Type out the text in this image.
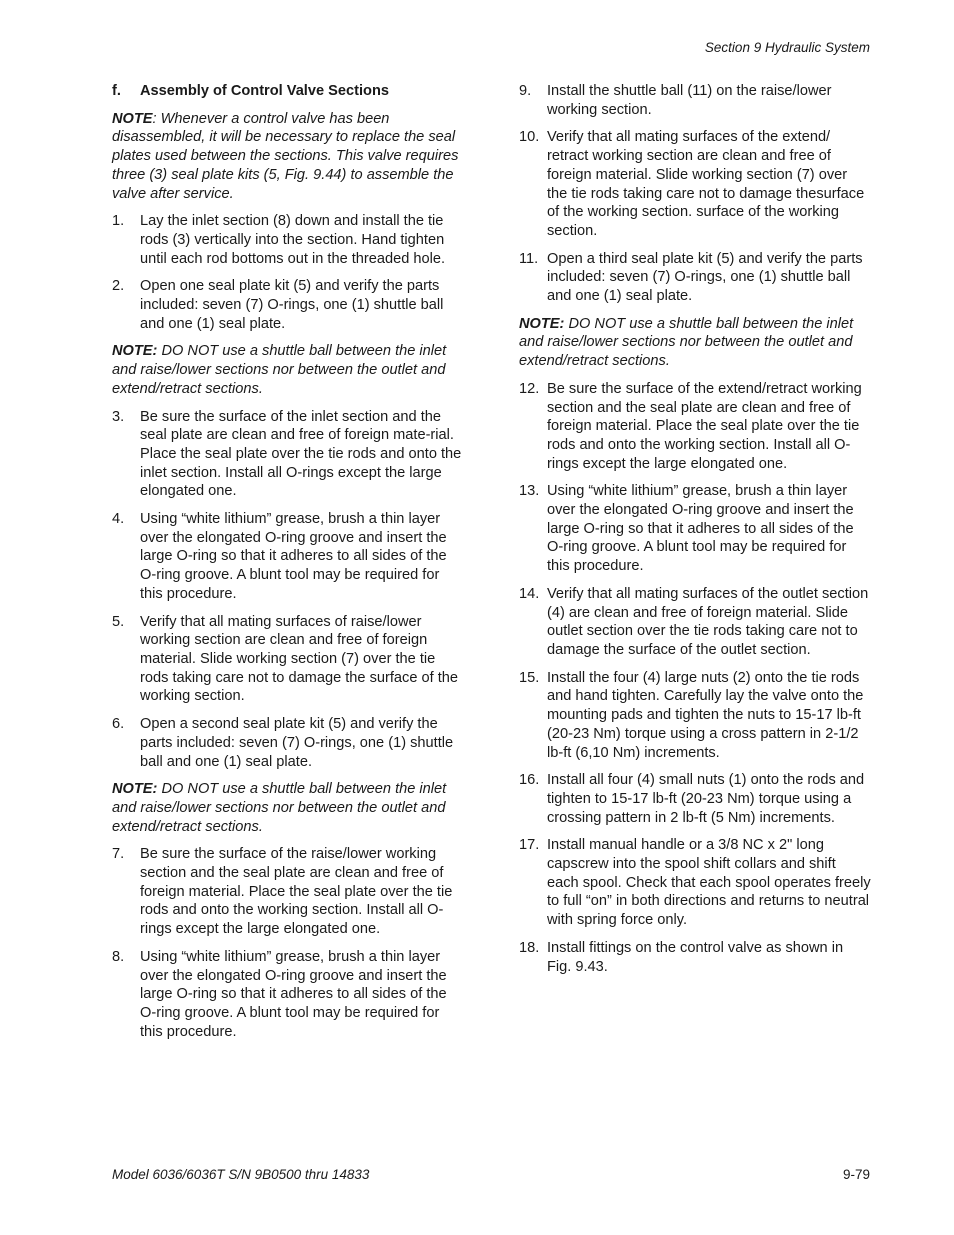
Section 9 Hydraulic System

f. Assembly of Control Valve Sections

NOTE: Whenever a control valve has been disassembled, it will be necessary to replace the seal plates used between the sections. This valve requires three (3) seal plate kits (5, Fig. 9.44) to assemble the valve after service.

1. Lay the inlet section (8) down and install the tie rods (3) vertically into the section. Hand tighten until each rod bottoms out in the threaded hole.
2. Open one seal plate kit (5) and verify the parts included: seven (7) O-rings, one (1) shuttle ball and one (1) seal plate.

NOTE: DO NOT use a shuttle ball between the inlet and raise/lower sections nor between the outlet and extend/retract sections.

3. Be sure the surface of the inlet section and the seal plate are clean and free of foreign mate-rial. Place the seal plate over the tie rods and onto the inlet section. Install all O-rings except the large elongated one.
4. Using “white lithium” grease, brush a thin layer over the elongated O-ring groove and insert the large O-ring so that it adheres to all sides of the O-ring groove. A blunt tool may be required for this procedure.
5. Verify that all mating surfaces of raise/lower working section are clean and free of foreign material. Slide working section (7) over the tie rods taking care not to damage the surface of the working section.
6. Open a second seal plate kit (5) and verify the parts included: seven (7) O-rings, one (1) shuttle ball and one (1) seal plate.

NOTE: DO NOT use a shuttle ball between the inlet and raise/lower sections nor between the outlet and extend/retract sections.

7. Be sure the surface of the raise/lower working section and the seal plate are clean and free of foreign material. Place the seal plate over the tie rods and onto the working section. Install all O-rings except the large elongated one.
8. Using “white lithium” grease, brush a thin layer over the elongated O-ring groove and insert the large O-ring so that it adheres to all sides of the O-ring groove. A blunt tool may be required for this procedure.
9. Install the shuttle ball (11) on the raise/lower working section.
10. Verify that all mating surfaces of the extend/ retract working section are clean and free of foreign material. Slide working section (7) over the tie rods taking care not to damage thesurface of the working section. surface of the working section.
11. Open a third seal plate kit (5) and verify the parts included: seven (7) O-rings, one (1) shuttle ball and one (1) seal plate.

NOTE: DO NOT use a shuttle ball between the inlet and raise/lower sections nor between the outlet and extend/retract sections.

12. Be sure the surface of the extend/retract working section and the seal plate are clean and free of foreign material. Place the seal plate over the tie rods and onto the working section. Install all O-rings except the large elongated one.
13. Using “white lithium” grease, brush a thin layer over the elongated O-ring groove and insert the large O-ring so that it adheres to all sides of the O-ring groove. A blunt tool may be required for this procedure.
14. Verify that all mating surfaces of the outlet section (4) are clean and free of foreign material. Slide outlet section over the tie rods taking care not to damage the surface of the outlet section.
15. Install the four (4) large nuts (2) onto the tie rods and hand tighten. Carefully lay the valve onto the mounting pads and tighten the nuts to 15-17 lb-ft (20-23 Nm) torque using a cross pattern in 2-1/2 lb-ft (6,10 Nm) increments.
16. Install all four (4) small nuts (1) onto the rods and tighten to 15-17 lb-ft (20-23 Nm) torque using a crossing pattern in 2 lb-ft (5 Nm) increments.
17. Install manual handle or a 3/8 NC x 2" long capscrew into the spool shift collars and shift each spool. Check that each spool operates freely to full “on” in both directions and returns to neutral with spring force only.
18. Install fittings on the control valve as shown in Fig. 9.43.
Model 6036/6036T S/N 9B0500 thru 14833	9-79
